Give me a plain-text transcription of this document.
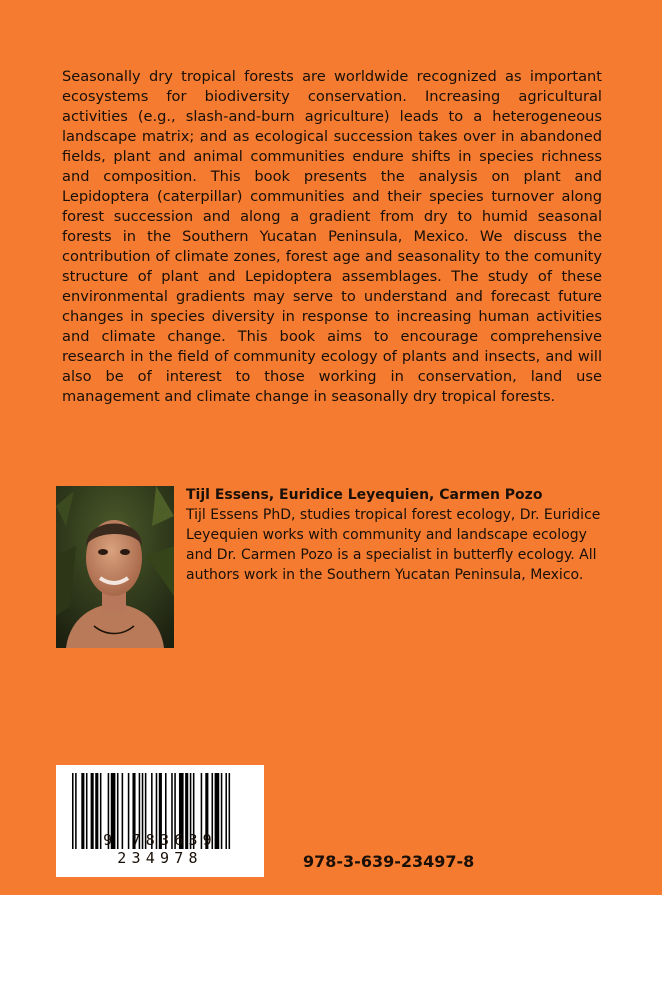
Seasonally dry tropical forests are worldwide recognized as important ecosystems for biodiversity conservation. Increasing agricultural activities (e.g., slash-and-burn agriculture) leads to a heterogeneous landscape matrix; and as ecological succession takes over in abandoned fields, plant and animal communities endure shifts in species richness and composition. This book presents the analysis on plant and Lepidoptera (caterpillar) communities and their species turnover along forest succession and along a gradient from dry to humid seasonal forests in the Southern Yucatan Peninsula, Mexico. We discuss the contribution of climate zones, forest age and seasonality to the comunity structure of plant and Lepidoptera assemblages. The study of these environmental gradients may serve to understand and forecast future changes in species diversity in response to increasing human activities and climate change. This book aims to encourage comprehensive research in the field of community ecology of plants and insects, and will also be of interest to those working in conservation, land use management and climate change in seasonally dry tropical forests.

Tijl Essens, Euridice Leyequien, Carmen Pozo

Tijl Essens PhD, studies tropical forest ecology, Dr. Euridice Leyequien works with community and landscape ecology and Dr. Carmen Pozo is a specialist in butterfly ecology. All authors work in the Southern Yucatan Peninsula, Mexico.

9 783639 234978	978-3-639-23497-8
